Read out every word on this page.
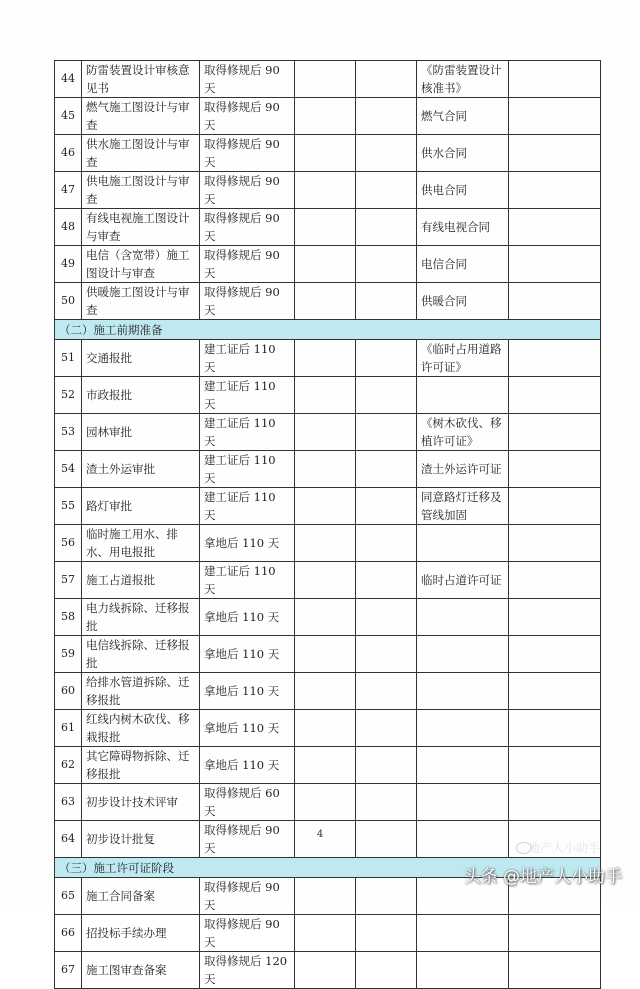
44	防雷装置设计审核意见书	取得修规后 90 天			《防雷装置设计核准书》	
45	燃气施工图设计与审查	取得修规后 90 天			燃气合同	
46	供水施工图设计与审查	取得修规后 90 天			供水合同	
47	供电施工图设计与审查	取得修规后 90 天			供电合同	
48	有线电视施工图设计与审查	取得修规后 90 天			有线电视合同	
49	电信（含宽带）施工图设计与审查	取得修规后 90 天			电信合同	
50	供暖施工图设计与审查	取得修规后 90 天			供暖合同	
（二）施工前期准备						
51	交通报批	建工证后 110 天			《临时占用道路许可证》	
52	市政报批	建工证后 110 天				
53	园林审批	建工证后 110 天			《树木砍伐、移植许可证》	
54	渣土外运审批	建工证后 110 天			渣土外运许可证	
55	路灯审批	建工证后 110 天			同意路灯迁移及管线加固	
56	临时施工用水、排水、用电报批	拿地后 110 天				
57	施工占道报批	建工证后 110 天			临时占道许可证	
58	电力线拆除、迁移报批	拿地后 110 天				
59	电信线拆除、迁移报批	拿地后 110 天				
60	给排水管道拆除、迁移报批	拿地后 110 天				
61	红线内树木砍伐、移栽报批	拿地后 110 天				
62	其它障碍物拆除、迁移报批	拿地后 110 天				
63	初步设计技术评审	取得修规后 60 天				
64	初步设计批复	取得修规后 90 天				
（三）施工许可证阶段						
65	施工合同备案	取得修规后 90 天				
66	招投标手续办理	取得修规后 90 天				
67	施工图审查备案	取得修规后 120 天				
4
地产人小助手
头条 @地产人小助手
